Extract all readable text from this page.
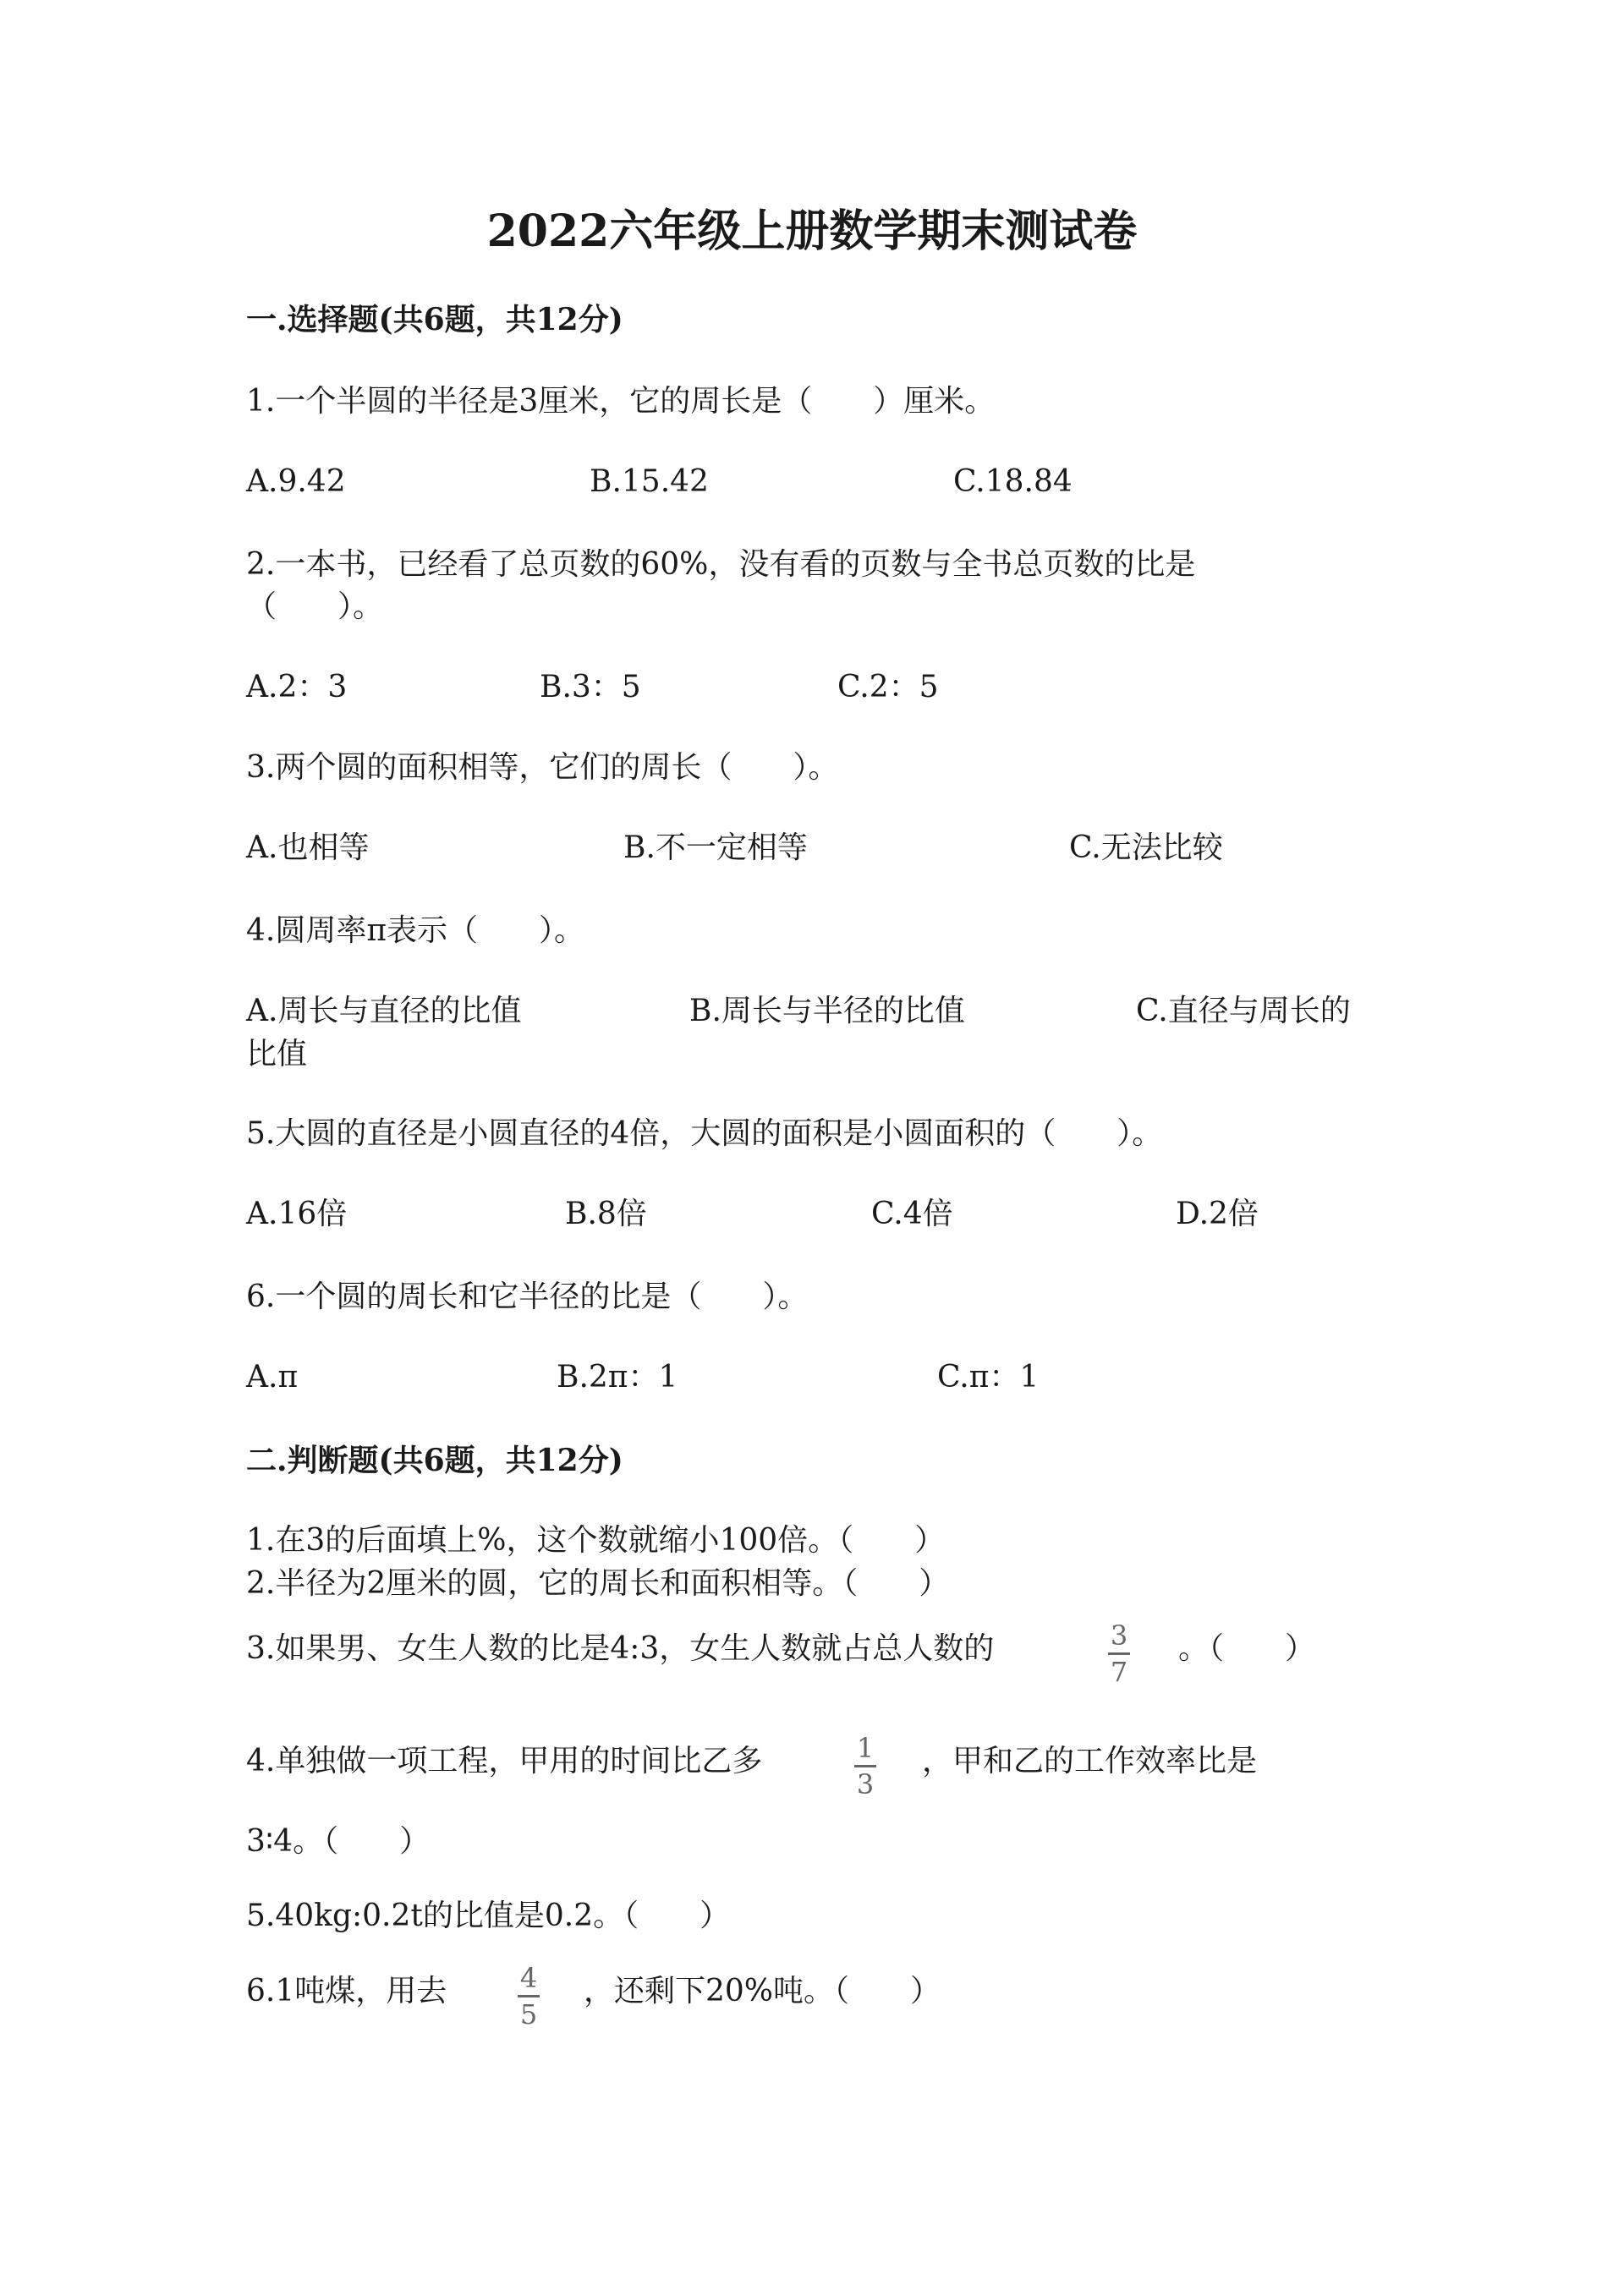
2022六年级上册数学期末测试卷
一.选择题(共6题，共12分)
1.一个半圆的半径是3厘米，它的周长是（　　）厘米。
A.9.42	B.15.42	C.18.84
2.一本书，已经看了总页数的60%，没有看的页数与全书总页数的比是
（　　）。
A.2：3	B.3：5	C.2：5
3.两个圆的面积相等，它们的周长（　　）。
A.也相等	B.不一定相等	C.无法比较
4.圆周率π表示（　　）。
A.周长与直径的比值	B.周长与半径的比值	C.直径与周长的
比值
5.大圆的直径是小圆直径的4倍，大圆的面积是小圆面积的（　　）。
A.16倍	B.8倍	C.4倍	D.2倍
6.一个圆的周长和它半径的比是（　　）。
A.π	B.2π：1	C.π：1
二.判断题(共6题，共12分)
1.在3的后面填上%，这个数就缩小100倍。（　　）
2.半径为2厘米的圆，它的周长和面积相等。（　　）
3.如果男、女生人数的比是4:3，女生人数就占总人数的	3
7
。（　　）
4.单独做一项工程，甲用的时间比乙多	1
3
，甲和乙的工作效率比是
3∶4。（　　）
5.40kg:0.2t的比值是0.2。（　　）
6.1吨煤，用去	4
5
，还剩下20%吨。（　　）
